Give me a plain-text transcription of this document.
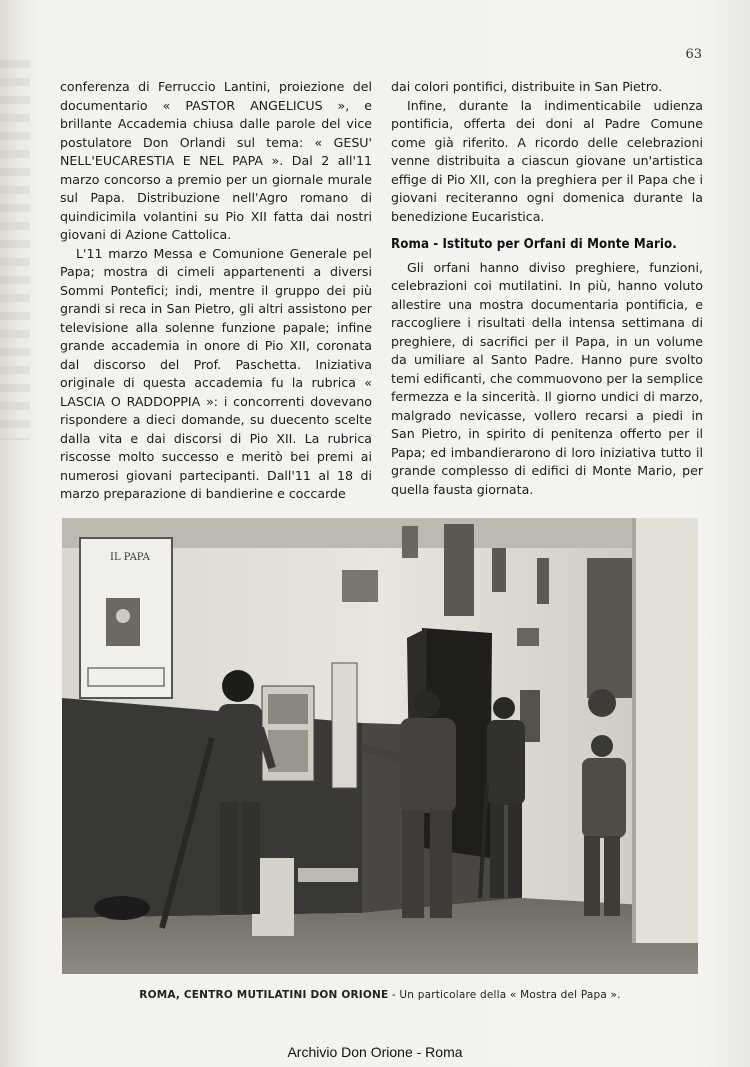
63

conferenza di Ferruccio Lantini, proiezione del documentario « PASTOR ANGELICUS », e brillante Accademia chiusa dalle parole del vice postulatore Don Orlandi sul tema: « GESU' NELL'EUCARESTIA E NEL PAPA ». Dal 2 all'11 marzo concorso a premio per un giornale murale sul Papa. Distribuzione nell'Agro romano di quindicimila volantini su Pio XII fatta dai nostri giovani di Azione Cattolica.

L'11 marzo Messa e Comunione Generale pel Papa; mostra di cimeli appartenenti a diversi Sommi Pontefici; indi, mentre il gruppo dei più grandi si reca in San Pietro, gli altri assistono per televisione alla solenne funzione papale; infine grande accademia in onore di Pio XII, coronata dal discorso del Prof. Paschetta. Iniziativa originale di questa accademia fu la rubrica « LASCIA O RADDOPPIA »: i concorrenti dovevano rispondere a dieci domande, su duecento scelte dalla vita e dai discorsi di Pio XII. La rubrica riscosse molto successo e meritò bei premi ai numerosi giovani partecipanti. Dall'11 al 18 di marzo preparazione di bandierine e coccarde

dai colori pontifici, distribuite in San Pietro.

Infine, durante la indimenticabile udienza pontificia, offerta dei doni al Padre Comune come già riferito. A ricordo delle celebrazioni venne distribuita a ciascun giovane un'artistica effige di Pio XII, con la preghiera per il Papa che i giovani reciteranno ogni domenica durante la benedizione Eucaristica.

Roma - Istituto per Orfani di Monte Mario.

Gli orfani hanno diviso preghiere, funzioni, celebrazioni coi mutilatini. In più, hanno voluto allestire una mostra documentaria pontificia, e raccogliere i risultati della intensa settimana di preghiere, di sacrifici per il Papa, in un volume da umiliare al Santo Padre. Hanno pure svolto temi edificanti, che commuovono per la semplice fermezza e la sincerità. Il giorno undici di marzo, malgrado nevicasse, vollero recarsi a piedi in San Pietro, in spirito di penitenza offerto per il Papa; ed imbandierarono di loro iniziativa tutto il grande complesso di edifici di Monte Mario, per quella fausta giornata.

IL PAPA
ROMA, CENTRO MUTILATINI DON ORIONE - Un particolare della « Mostra del Papa ».
Archivio Don Orione - Roma
